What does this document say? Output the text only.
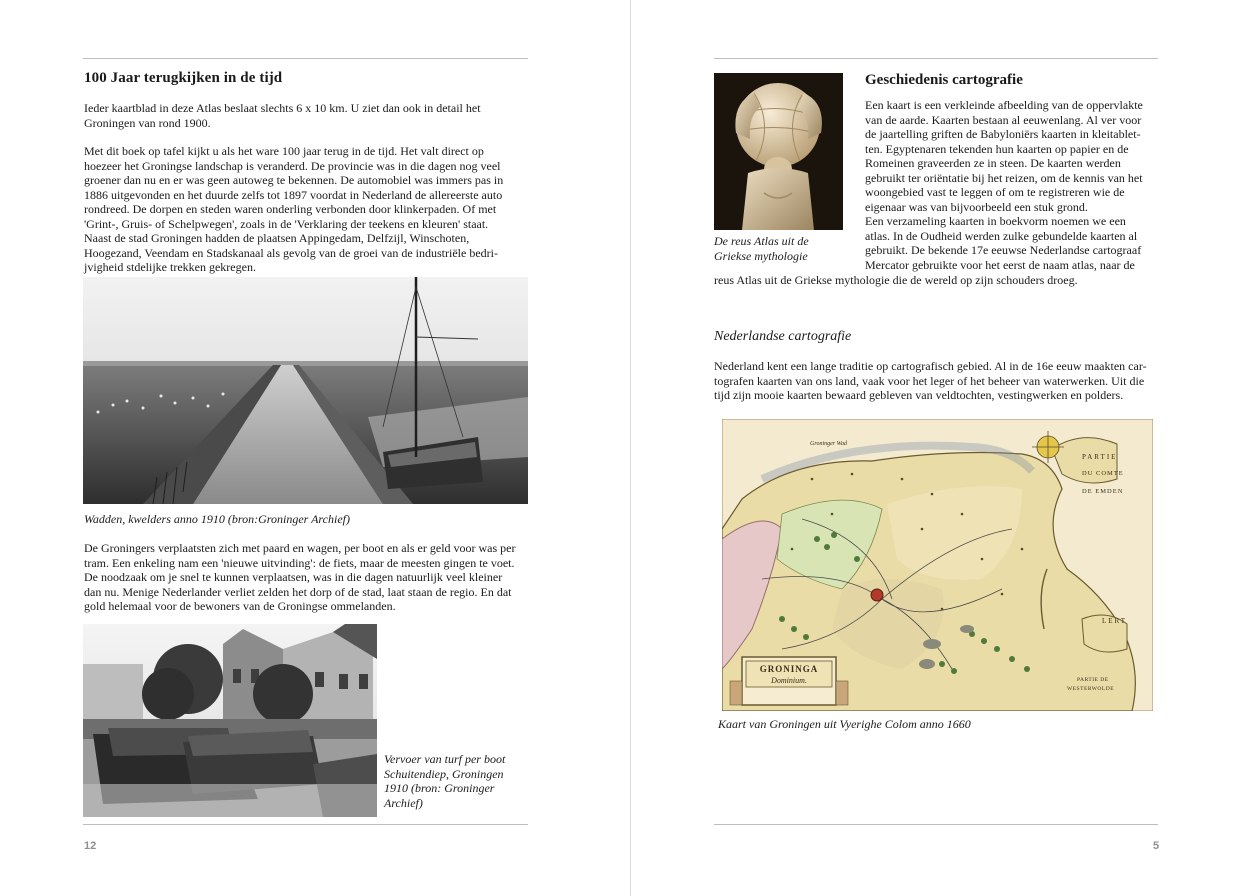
100 Jaar terugkijken in de tijd
Ieder kaartblad in deze Atlas beslaat slechts 6 x 10 km. U ziet dan ook in detail het
Groningen van rond 1900.
Met dit boek op tafel kijkt u als het ware 100 jaar terug in de tijd. Het valt direct op
hoezeer het Groningse landschap is veranderd. De provincie was in die dagen nog veel
groener dan nu en er was geen autoweg te bekennen. De automobiel was immers pas in
1886 uitgevonden en het duurde zelfs tot 1897 voordat in Nederland de allereerste auto
rondreed. De dorpen en steden waren onderling verbonden door klinkerpaden. Of met
'Grint-, Gruis- of Schelpwegen', zoals in de 'Verklaring der teekens en kleuren' staat.
Naast de stad Groningen hadden de plaatsen Appingedam, Delfzijl, Winschoten,
Hoogezand, Veendam en Stadskanaal als gevolg van de groei van de industriële bedri-
jvigheid stdelijke trekken gekregen.
Wadden, kwelders anno 1910 (bron:Groninger Archief)
De Groningers verplaatsten zich met paard en wagen, per boot en als er geld voor was per
tram. Een enkeling nam een 'nieuwe uitvinding': de fiets, maar de meesten gingen te voet.
De noodzaak om je snel te kunnen verplaatsen, was in die dagen natuurlijk veel kleiner
dan nu. Menige Nederlander verliet zelden het dorp of de stad, laat staan de regio. En dat
gold helemaal voor de bewoners van de Groningse ommelanden.
Vervoer van turf per boot
Schuitendiep, Groningen
1910 (bron: Groninger
Archief)
12
De reus Atlas uit de
Griekse mythologie
Geschiedenis cartografie
Een kaart is een verkleinde afbeelding van de oppervlakte
van de aarde. Kaarten bestaan al eeuwenlang. Al ver voor
de jaartelling griften de Babyloniërs kaarten in kleitablet-
ten. Egyptenaren tekenden hun kaarten op papier en de
Romeinen graveerden ze in steen. De kaarten werden
gebruikt ter oriëntatie bij het reizen, om de kennis van het
woongebied vast te leggen of om te registreren wie de
eigenaar was van bijvoorbeeld een stuk grond.
Een verzameling kaarten in boekvorm noemen we een
atlas. In de Oudheid werden zulke gebundelde kaarten al
gebruikt. De bekende 17e eeuwse Nederlandse cartograaf
Mercator gebruikte voor het eerst de naam atlas, naar de
reus Atlas uit de Griekse mythologie die de wereld op zijn schouders droeg.
Nederlandse cartografie
Nederland kent een lange traditie op cartografisch gebied. Al in de 16e eeuw maakten car-
tografen kaarten van ons land, vaak voor het leger of het beheer van waterwerken. Uit die
tijd zijn mooie kaarten bewaard gebleven van veldtochten, vestingwerken en polders.
GRONINGA
Dominium.
PARTIE
DU COMTE
DE EMDEN
LERT
PARTIE DE
WESTERWOLDE
Groninger Wad
Kaart van Groningen uit Vyerighe Colom anno 1660
5
